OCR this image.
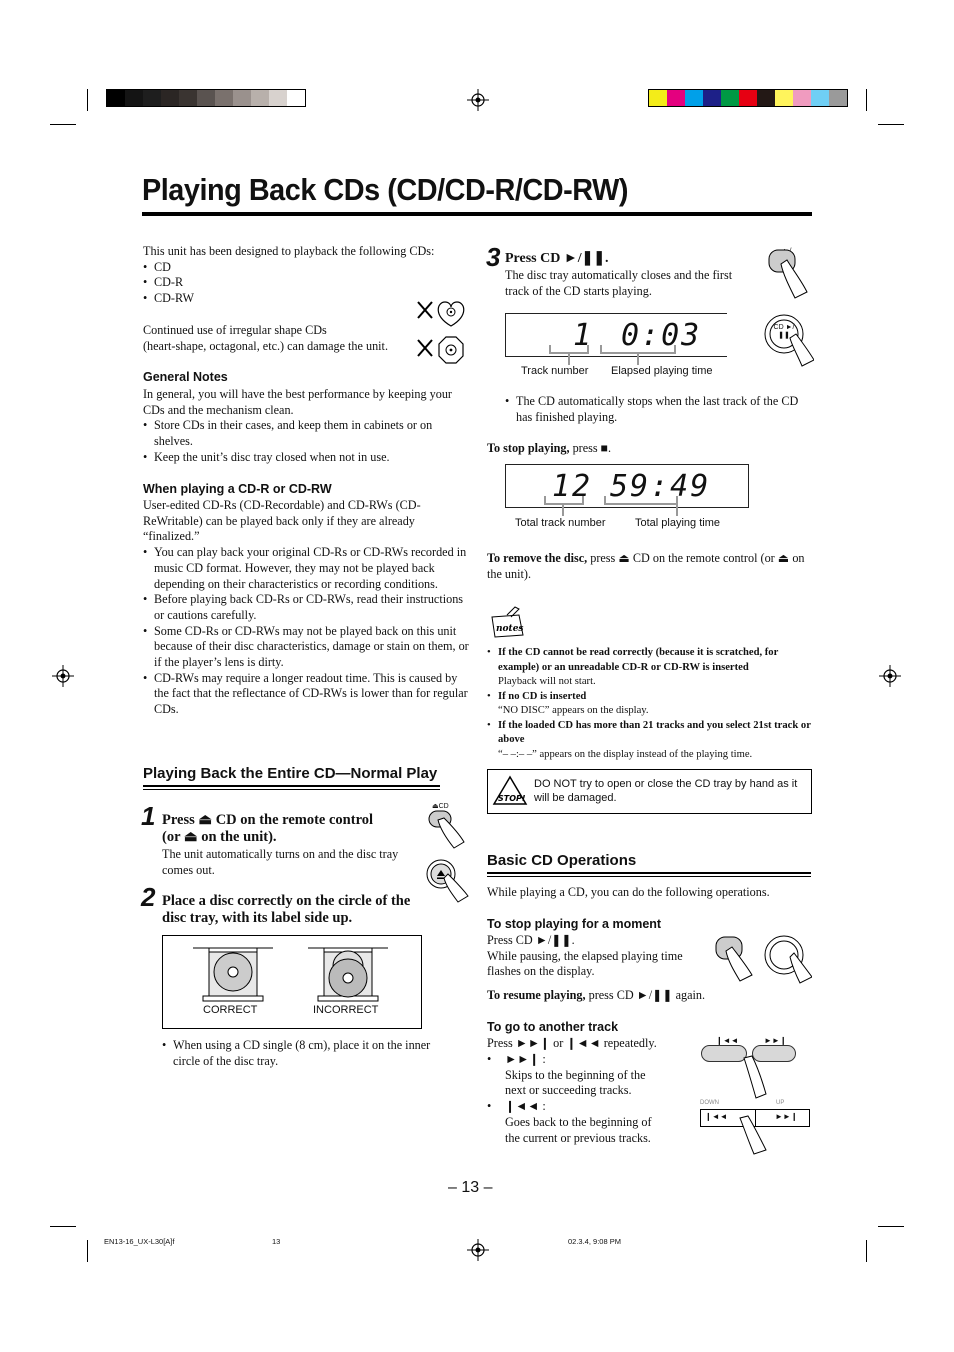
Playing Back CDs (CD/CD-R/CD-RW)
This unit has been designed to playback the following CDs:
• CD
• CD-R
• CD-RW
Continued use of irregular shape CDs
(heart-shape, octagonal, etc.) can damage the unit.
General Notes
In general, you will have the best performance by keeping your CDs and the mechanism clean.
• Store CDs in their cases, and keep them in cabinets or on shelves.
• Keep the unit’s disc tray closed when not in use.
When playing a CD-R or CD-RW
User-edited CD-Rs (CD-Recordable) and CD-RWs (CD-ReWritable) can be played back only if they are already “finalized.”
• You can play back your original CD-Rs or CD-RWs recorded in music CD format. However, they may not be played back depending on their characteristics or recording conditions.
• Before playing back CD-Rs or CD-RWs, read their instructions or cautions carefully.
• Some CD-Rs or CD-RWs may not be played back on this unit because of their disc characteristics, damage or stain on them, or if the player’s lens is dirty.
• CD-RWs may require a longer readout time. This is caused by the fact that the reflectance of CD-RWs is lower than for regular CDs.
Playing Back the Entire CD—Normal Play
1 Press ⏏ CD on the remote control
(or ⏏ on the unit).
The unit automatically turns on and the disc tray comes out.
⏏CD
2 Place a disc correctly on the circle of the disc tray, with its label side up.
CORRECT	INCORRECT
• When using a CD single (8 cm), place it on the inner circle of the disc tray.
3 Press CD ►/❚❚.
The disc tray automatically closes and the first track of the CD starts playing.
CD ►/❚❚
1 0:03
Track number Elapsed playing time
• The CD automatically stops when the last track of the CD has finished playing.
To stop playing, press ■.
12 59:49
Total track number	Total playing time
To remove the disc, press ⏏ CD on the remote control (or ⏏ on the unit).
notes
• If the CD cannot be read correctly (because it is scratched, for example) or an unreadable CD-R or CD-RW is inserted
Playback will not start.
• If no CD is inserted
“NO DISC” appears on the display.
• If the loaded CD has more than 21 tracks and you select 21st track or above
“– –:– –” appears on the display instead of the playing time.
STOP!
DO NOT try to open or close the CD tray by hand as it will be damaged.
Basic CD Operations
While playing a CD, you can do the following operations.
To stop playing for a moment
Press CD ►/❚❚.
While pausing, the elapsed playing time flashes on the display.
To resume playing, press CD ►/❚❚ again.
To go to another track
Press ►►❙ or ❙◄◄ repeatedly.
• ►►❙ :
Skips to the beginning of the next or succeeding tracks.
• ❙◄◄ :
Goes back to the beginning of the current or previous tracks.
❙◄◄	►►❙
DOWN	UP
❙◄◄	►►❙
– 13 –
EN13-16_UX-L30[A]f	13	02.3.4, 9:08 PM
